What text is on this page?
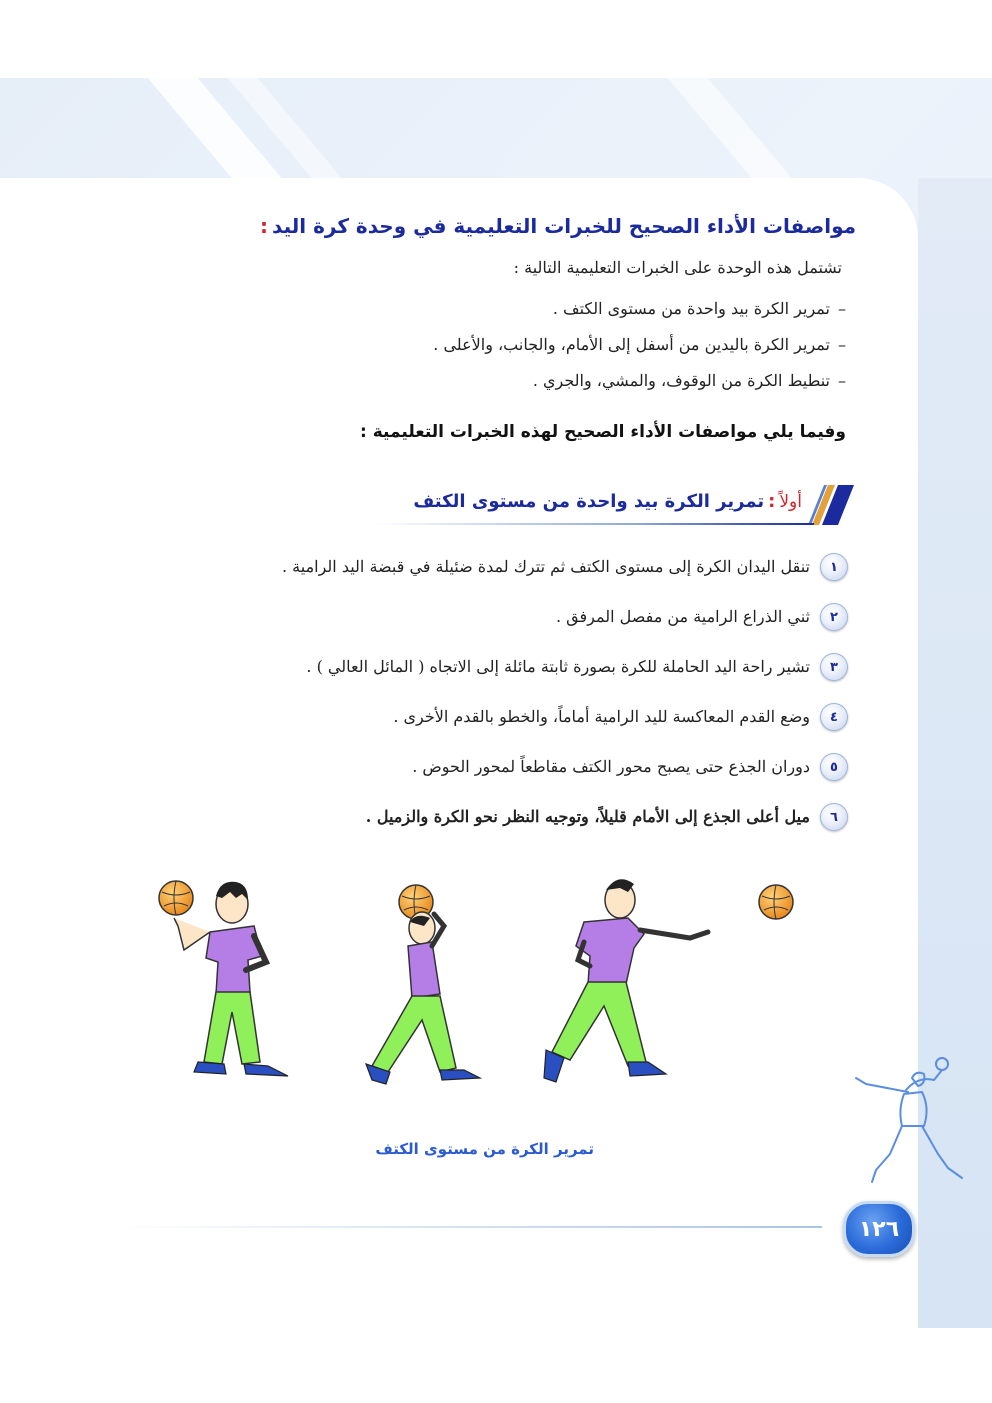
مواصفات الأداء الصحيح للخبرات التعليمية في وحدة كرة اليد:
تشتمل هذه الوحدة على الخبرات التعليمية التالية :
–تمرير الكرة بيد واحدة من مستوى الكتف .
–تمرير الكرة باليدين من أسفل إلى الأمام، والجانب، والأعلى .
–تنطيط الكرة من الوقوف، والمشي، والجري .
وفيما يلي مواصفات الأداء الصحيح لهذه الخبرات التعليمية :
أولاً:تمرير الكرة بيد واحدة من مستوى الكتف
١
تنقل اليدان الكرة إلى مستوى الكتف ثم تترك لمدة ضئيلة في قبضة اليد الرامية .
٢
ثني الذراع الرامية من مفصل المرفق .
٣
تشير راحة اليد الحاملة للكرة بصورة ثابتة مائلة إلى الاتجاه ( المائل العالي ) .
٤
وضع القدم المعاكسة لليد الرامية أماماً، والخطو بالقدم الأخرى .
٥
دوران الجذع حتى يصبح محور الكتف مقاطعاً لمحور الحوض .
٦
ميل أعلى الجذع إلى الأمام قليلاً، وتوجيه النظر نحو الكرة والزميل .
تمرير الكرة من مستوى الكتف
١٢٦
